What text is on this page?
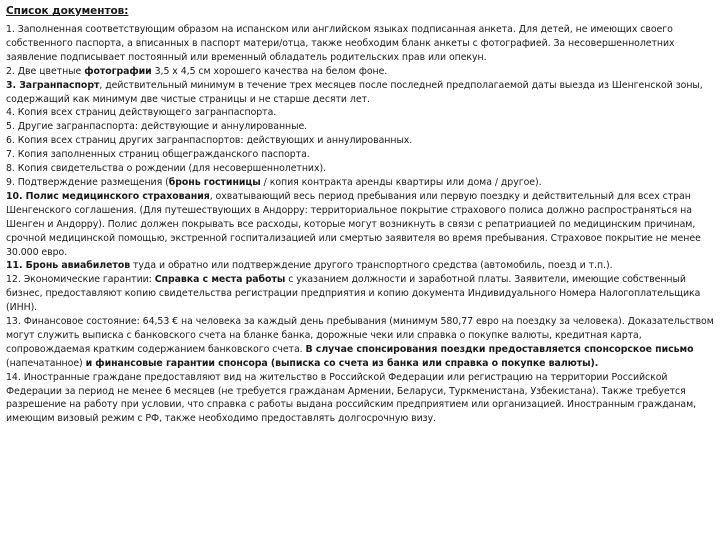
Список документов:
1. Заполненная соответствующим образом на испанском или английском языках подписанная анкета. Для детей, не имеющих своего собственного паспорта, а вписанных в паспорт матери/отца, также необходим бланк анкеты с фотографией. За несовершеннолетних заявление подписывает постоянный или временный обладатель родительских прав или опекун.
2. Две цветные фотографии 3,5 х 4,5 см хорошего качества на белом фоне.
3. Загранпаспорт, действительный минимум в течение трех месяцев после последней предполагаемой даты выезда из Шенгенской зоны, содержащий как минимум две чистые страницы и не старше десяти лет.
4. Копия всех страниц действующего загранпаспорта.
5. Другие загранпаспорта: действующие и аннулированные.
6. Копия всех страниц других загранпаспортов: действующих и аннулированных.
7. Копия заполненных страниц общегражданского паспорта.
8. Копия свидетельства о рождении (для несовершеннолетних).
9. Подтверждение размещения (бронь гостиницы / копия контракта аренды квартиры или дома / другое).
10. Полис медицинского страхования, охватывающий весь период пребывания или первую поездку и действительный для всех стран Шенгенского соглашения. (Для путешествующих в Андорру: территориальное покрытие страхового полиса должно распространяться на Шенген и Андорру). Полис должен покрывать все расходы, которые могут возникнуть в связи с репатриацией по медицинским причинам, срочной медицинской помощью, экстренной госпитализацией или смертью заявителя во время пребывания. Страховое покрытие не менее 30.000 евро.
11. Бронь авиабилетов туда и обратно или подтверждение другого транспортного средства (автомобиль, поезд и т.п.).
12. Экономические гарантии: Справка с места работы с указанием должности и заработной платы. Заявители, имеющие собственный бизнес, предоставляют копию свидетельства регистрации предприятия и копию документа Индивидуального Номера Налогоплательщика (ИНН).
13. Финансовое состояние: 64,53 € на человека за каждый день пребывания (минимум 580,77 евро на поездку за человека). Доказательством могут служить выписка с банковского счета на бланке банка, дорожные чеки или справка о покупке валюты, кредитная карта, сопровождаемая кратким содержанием банковского счета. В случае спонсирования поездки предоставляется спонсорское письмо (напечатанное) и финансовые гарантии спонсора (выписка со счета из банка или справка о покупке валюты).
14. Иностранные граждане предоставляют вид на жительство в Российской Федерации или регистрацию на территории Российской Федерации за период не менее 6 месяцев (не требуется гражданам Армении, Беларуси, Туркменистана, Узбекистана). Также требуется разрешение на работу при условии, что справка с работы выдана российским предприятием или организацией. Иностранным гражданам, имеющим визовый режим с РФ, также необходимо предоставлять долгосрочную визу.
